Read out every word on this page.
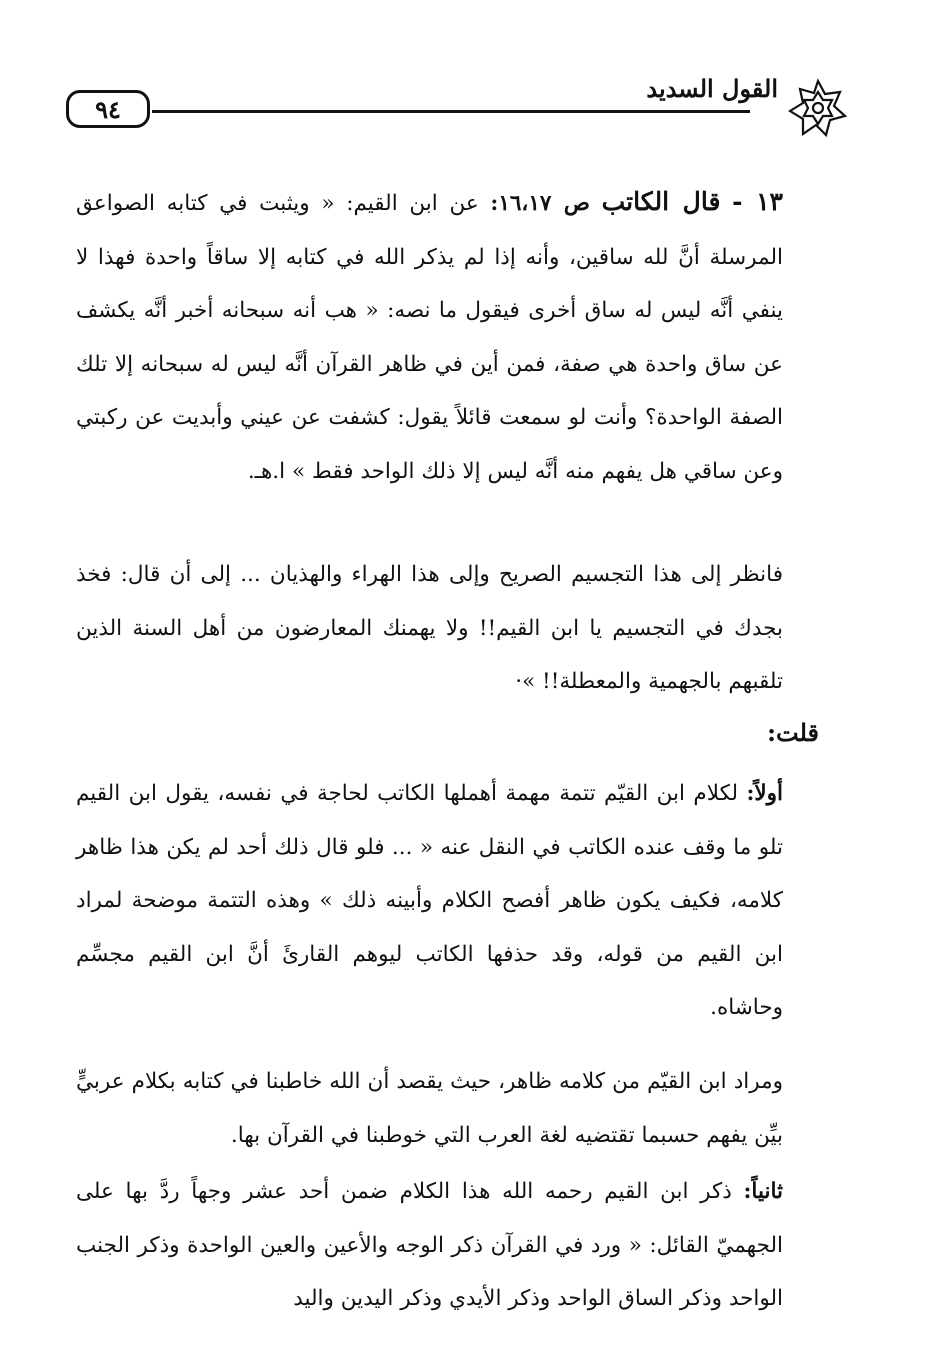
٩٤
القول السديد

١٣ - قال الكاتب ص ١٦،١٧: عن ابن القيم: « ويثبت في كتابه الصواعق المرسلة أنَّ لله ساقين، وأنه إذا لم يذكر الله في كتابه إلا ساقاً واحدة فهذا لا ينفي أنَّه ليس له ساق أخرى فيقول ما نصه: « هب أنه سبحانه أخبر أنَّه يكشف عن ساق واحدة هي صفة، فمن أين في ظاهر القرآن أنَّه ليس له سبحانه إلا تلك الصفة الواحدة؟ وأنت لو سمعت قائلاً يقول: كشفت عن عيني وأبديت عن ركبتي وعن ساقي هل يفهم منه أنَّه ليس إلا ذلك الواحد فقط » ا.هـ.

فانظر إلى هذا التجسيم الصريح وإلى هذا الهراء والهذيان ... إلى أن قال: فخذ بجدك في التجسيم يا ابن القيم!! ولا يهمنك المعارضون من أهل السنة الذين تلقبهم بالجهمية والمعطلة!! »·

قلت:

أولاً: لكلام ابن القيّم تتمة مهمة أهملها الكاتب لحاجة في نفسه، يقول ابن القيم تلو ما وقف عنده الكاتب في النقل عنه « ... فلو قال ذلك أحد لم يكن هذا ظاهر كلامه، فكيف يكون ظاهر أفصح الكلام وأبينه ذلك » وهذه التتمة موضحة لمراد ابن القيم من قوله، وقد حذفها الكاتب ليوهم القارئَ أنَّ ابن القيم مجسِّم وحاشاه.

ومراد ابن القيّم من كلامه ظاهر، حيث يقصد أن الله خاطبنا في كتابه بكلام عربيٍّ بيِّن يفهم حسبما تقتضيه لغة العرب التي خوطبنا في القرآن بها.

ثانياً: ذكر ابن القيم رحمه الله هذا الكلام ضمن أحد عشر وجهاً ردَّ بها على الجهميّ القائل: « ورد في القرآن ذكر الوجه والأعين والعين الواحدة وذكر الجنب الواحد وذكر الساق الواحد وذكر الأيدي وذكر اليدين واليد
